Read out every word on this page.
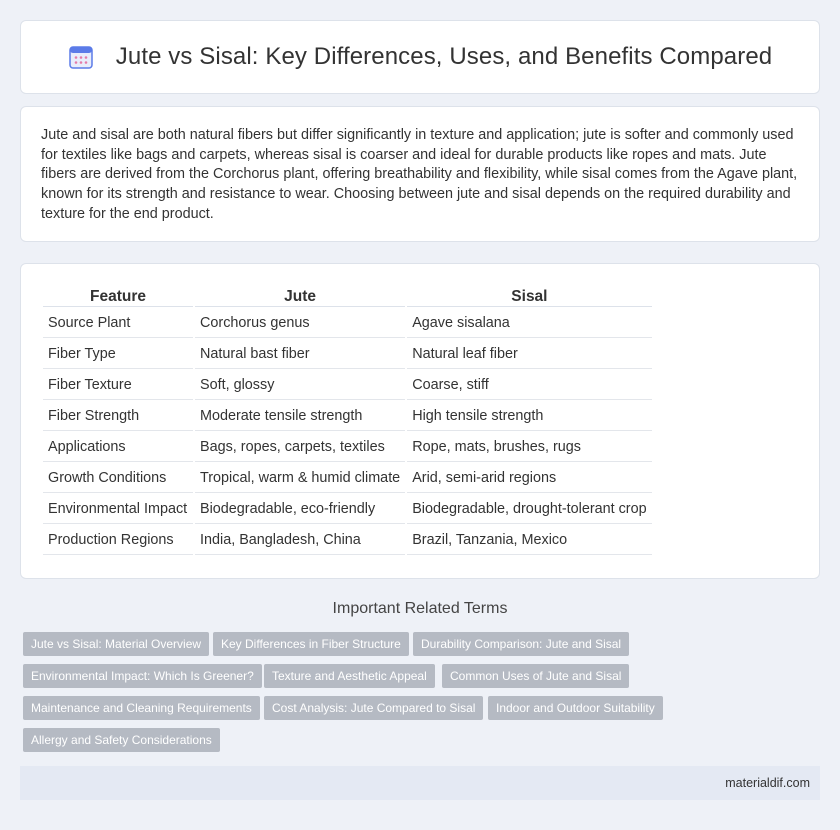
Jute vs Sisal: Key Differences, Uses, and Benefits Compared

Jute and sisal are both natural fibers but differ significantly in texture and application; jute is softer and commonly used for textiles like bags and carpets, whereas sisal is coarser and ideal for durable products like ropes and mats. Jute fibers are derived from the Corchorus plant, offering breathability and flexibility, while sisal comes from the Agave plant, known for its strength and resistance to wear. Choosing between jute and sisal depends on the required durability and texture for the end product.

Feature	Jute	Sisal
Source Plant	Corchorus genus	Agave sisalana
Fiber Type	Natural bast fiber	Natural leaf fiber
Fiber Texture	Soft, glossy	Coarse, stiff
Fiber Strength	Moderate tensile strength	High tensile strength
Applications	Bags, ropes, carpets, textiles	Rope, mats, brushes, rugs
Growth Conditions	Tropical, warm & humid climate	Arid, semi-arid regions
Environmental Impact	Biodegradable, eco-friendly	Biodegradable, drought-tolerant crop
Production Regions	India, Bangladesh, China	Brazil, Tanzania, Mexico
Important Related Terms
Jute vs Sisal: Material Overview	Key Differences in Fiber Structure	Durability Comparison: Jute and Sisal
Environmental Impact: Which Is Greener?	Texture and Aesthetic Appeal	Common Uses of Jute and Sisal
Maintenance and Cleaning Requirements	Cost Analysis: Jute Compared to Sisal	Indoor and Outdoor Suitability
Allergy and Safety Considerations
materialdif.com
